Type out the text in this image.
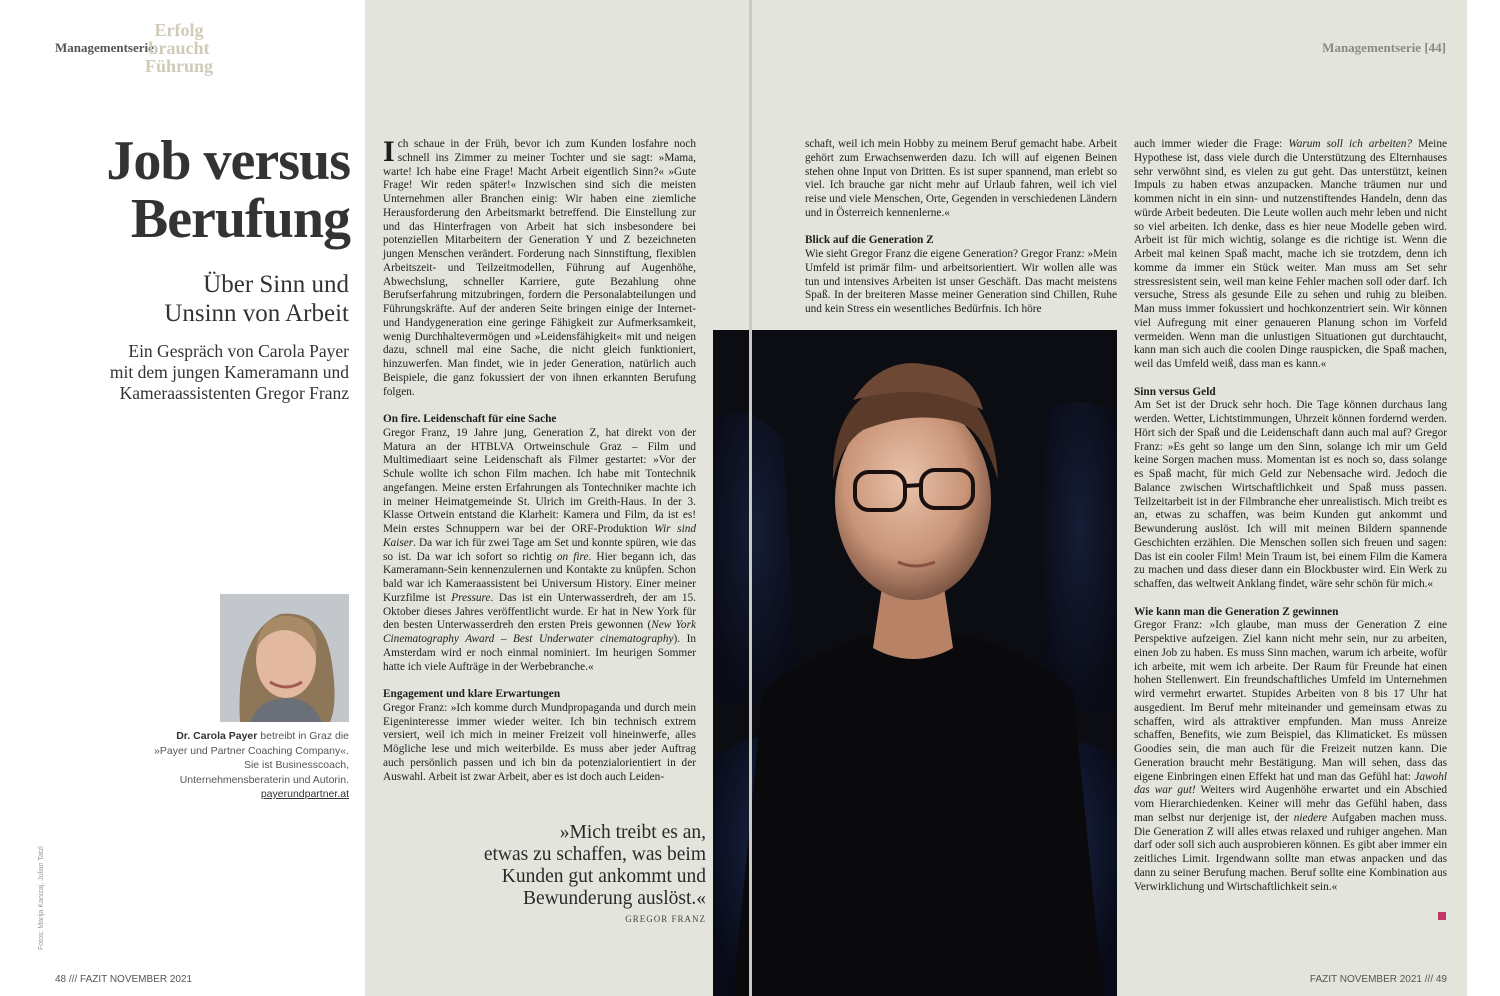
Managementserie
Erfolg
braucht
Führung
Managementserie [44]
Job versus
Berufung
Über Sinn und
Unsinn von Arbeit
Ein Gespräch von Carola Payer
mit dem jungen Kameramann und
Kameraassistenten Gregor Franz
Dr. Carola Payer betreibt in Graz die »Payer und Partner Coaching Company«. Sie ist Businesscoach, Unternehmensberaterin und Autorin. payerundpartner.at
Fotos: Marija Kanizaj, Julian Tatzl

Ich schaue in der Früh, bevor ich zum Kunden losfahre noch schnell ins Zimmer zu meiner Tochter und sie sagt: »Mama, warte! Ich habe eine Frage! Macht Arbeit eigentlich Sinn?« »Gute Frage! Wir reden später!« Inzwischen sind sich die meisten Unternehmen aller Branchen einig: Wir haben eine ziemliche Herausforderung den Arbeitsmarkt betreffend. Die Einstellung zur und das Hinterfragen von Arbeit hat sich insbesondere bei potenziellen Mitarbeitern der Generation Y und Z bezeichneten jungen Menschen verändert. Forderung nach Sinnstiftung, flexiblen Arbeitszeit- und Teilzeitmodellen, Führung auf Augenhöhe, Abwechslung, schneller Karriere, gute Bezahlung ohne Berufserfahrung mitzubringen, fordern die Personalabteilungen und Führungskräfte. Auf der anderen Seite bringen einige der Internet- und Handygeneration eine geringe Fähigkeit zur Aufmerksamkeit, wenig Durchhaltevermögen und »Leidensfähigkeit« mit und neigen dazu, schnell mal eine Sache, die nicht gleich funktioniert, hinzuwerfen. Man findet, wie in jeder Generation, natürlich auch Beispiele, die ganz fokussiert der von ihnen erkannten Berufung folgen.

On fire. Leidenschaft für eine Sache

Gregor Franz, 19 Jahre jung, Generation Z, hat direkt von der Matura an der HTBLVA Ortweinschule Graz – Film und Multimediaart seine Leidenschaft als Filmer gestartet: »Vor der Schule wollte ich schon Film machen. Ich habe mit Tontechnik angefangen. Meine ersten Erfahrungen als Tontechniker machte ich in meiner Heimatgemeinde St. Ulrich im Greith-Haus. In der 3. Klasse Ortwein entstand die Klarheit: Kamera und Film, da ist es! Mein erstes Schnuppern war bei der ORF-Produktion Wir sind Kaiser. Da war ich für zwei Tage am Set und konnte spüren, wie das so ist. Da war ich sofort so richtig on fire. Hier begann ich, das Kameramann-Sein kennenzulernen und Kontakte zu knüpfen. Schon bald war ich Kameraassistent bei Universum History. Einer meiner Kurzfilme ist Pressure. Das ist ein Unterwasserdreh, der am 15. Oktober dieses Jahres veröffentlicht wurde. Er hat in New York für den besten Unterwasserdreh den ersten Preis gewonnen (New York Cinematography Award – Best Underwater cinematography). In Amsterdam wird er noch einmal nominiert. Im heurigen Sommer hatte ich viele Aufträge in der Werbebranche.«

Engagement und klare Erwartungen

Gregor Franz: »Ich komme durch Mundpropaganda und durch mein Eigeninteresse immer wieder weiter. Ich bin technisch extrem versiert, weil ich mich in meiner Freizeit voll hineinwerfe, alles Mögliche lese und mich weiterbilde. Es muss aber jeder Auftrag auch persönlich passen und ich bin da potenzialorientiert in der Auswahl. Arbeit ist zwar Arbeit, aber es ist doch auch Leiden-

schaft, weil ich mein Hobby zu meinem Beruf gemacht habe. Arbeit gehört zum Erwachsenwerden dazu. Ich will auf eigenen Beinen stehen ohne Input von Dritten. Es ist super spannend, man erlebt so viel. Ich brauche gar nicht mehr auf Urlaub fahren, weil ich viel reise und viele Menschen, Orte, Gegenden in verschiedenen Ländern und in Österreich kennenlerne.«

Blick auf die Generation Z

Wie sieht Gregor Franz die eigene Generation? Gregor Franz: »Mein Umfeld ist primär film- und arbeitsorientiert. Wir wollen alle was tun und intensives Arbeiten ist unser Geschäft. Das macht meistens Spaß. In der breiteren Masse meiner Generation sind Chillen, Ruhe und kein Stress ein wesentliches Bedürfnis. Ich höre

auch immer wieder die Frage: Warum soll ich arbeiten? Meine Hypothese ist, dass viele durch die Unterstützung des Elternhauses sehr verwöhnt sind, es vielen zu gut geht. Das unterstützt, keinen Impuls zu haben etwas anzupacken. Manche träumen nur und kommen nicht in ein sinn- und nutzenstiftendes Handeln, denn das würde Arbeit bedeuten. Die Leute wollen auch mehr leben und nicht so viel arbeiten. Ich denke, dass es hier neue Modelle geben wird. Arbeit ist für mich wichtig, solange es die richtige ist. Wenn die Arbeit mal keinen Spaß macht, mache ich sie trotzdem, denn ich komme da immer ein Stück weiter. Man muss am Set sehr stressresistent sein, weil man keine Fehler machen soll oder darf. Ich versuche, Stress als gesunde Eile zu sehen und ruhig zu bleiben. Man muss immer fokussiert und hochkonzentriert sein. Wir können viel Aufregung mit einer genaueren Planung schon im Vorfeld vermeiden. Wenn man die unlustigen Situationen gut durchtaucht, kann man sich auch die coolen Dinge rauspicken, die Spaß machen, weil das Umfeld weiß, dass man es kann.«

Sinn versus Geld

Am Set ist der Druck sehr hoch. Die Tage können durchaus lang werden. Wetter, Lichtstimmungen, Uhrzeit können fordernd werden. Hört sich der Spaß und die Leidenschaft dann auch mal auf? Gregor Franz: »Es geht so lange um den Sinn, solange ich mir um Geld keine Sorgen machen muss. Momentan ist es noch so, dass solange es Spaß macht, für mich Geld zur Nebensache wird. Jedoch die Balance zwischen Wirtschaftlichkeit und Spaß muss passen. Teilzeitarbeit ist in der Filmbranche eher unrealistisch. Mich treibt es an, etwas zu schaffen, was beim Kunden gut ankommt und Bewunderung auslöst. Ich will mit meinen Bildern spannende Geschichten erzählen. Die Menschen sollen sich freuen und sagen: Das ist ein cooler Film! Mein Traum ist, bei einem Film die Kamera zu machen und dass dieser dann ein Blockbuster wird. Ein Werk zu schaffen, das weltweit Anklang findet, wäre sehr schön für mich.«

Wie kann man die Generation Z gewinnen

Gregor Franz: »Ich glaube, man muss der Generation Z eine Perspektive aufzeigen. Ziel kann nicht mehr sein, nur zu arbeiten, einen Job zu haben. Es muss Sinn machen, warum ich arbeite, wofür ich arbeite, mit wem ich arbeite. Der Raum für Freunde hat einen hohen Stellenwert. Ein freundschaftliches Umfeld im Unternehmen wird vermehrt erwartet. Stupides Arbeiten von 8 bis 17 Uhr hat ausgedient. Im Beruf mehr miteinander und gemeinsam etwas zu schaffen, wird als attraktiver empfunden. Man muss Anreize schaffen, Benefits, wie zum Beispiel, das Klimaticket. Es müssen Goodies sein, die man auch für die Freizeit nutzen kann. Die Generation braucht mehr Bestätigung. Man will sehen, dass das eigene Einbringen einen Effekt hat und man das Gefühl hat: Jawohl das war gut! Weiters wird Augenhöhe erwartet und ein Abschied vom Hierarchiedenken. Keiner will mehr das Gefühl haben, dass man selbst nur derjenige ist, der niedere Aufgaben machen muss. Die Generation Z will alles etwas relaxed und ruhiger angehen. Man darf oder soll sich auch ausprobieren können. Es gibt aber immer ein zeitliches Limit. Irgendwann sollte man etwas anpacken und das dann zu seiner Berufung machen. Beruf sollte eine Kombination aus Verwirklichung und Wirtschaftlichkeit sein.«

»Mich treibt es an,
etwas zu schaffen, was beim
Kunden gut ankommt und
Bewunderung auslöst.«
GREGOR FRANZ
48 /// FAZIT NOVEMBER 2021	FAZIT NOVEMBER 2021 /// 49
